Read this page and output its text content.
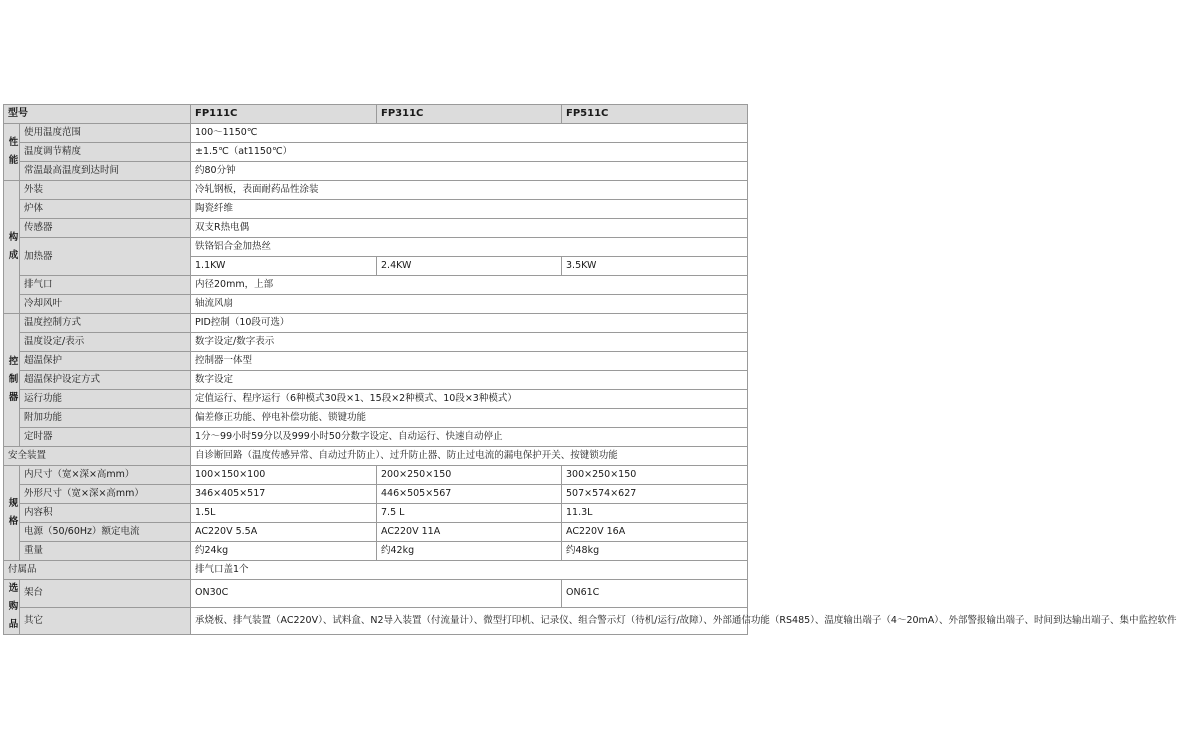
型号		FP111C	FP311C	FP511C

性
能	使用温度范围	100～1150℃		
	温度调节精度	±1.5℃（at1150℃）		
	常温最高温度到达时间	约80分钟		

构
成	外装	冷轧钢板，表面耐药品性涂装		
	炉体	陶瓷纤维		
	传感器	双支R热电偶		
	加热器	铁铬铝合金加热丝		
		1.1KW	2.4KW	3.5KW
	排气口	内径20mm，上部		
	冷却风叶	轴流风扇		

控
制
器	温度控制方式	PID控制（10段可选）		
	温度设定/表示	数字设定/数字表示		
	超温保护	控制器一体型		
	超温保护设定方式	数字设定		
	运行功能	定值运行、程序运行（6种模式30段×1、15段×2种模式、10段×3种模式）		
	附加功能	偏差修正功能、停电补偿功能、锁键功能		
	定时器	1分～99小时59分以及999小时50分数字设定、自动运行、快速自动停止		
安全装置		自诊断回路（温度传感异常、自动过升防止）、过升防止器、防止过电流的漏电保护开关、按键锁功能		

规
格	内尺寸（宽×深×高mm）	100×150×100	200×250×150	300×250×150
	外形尺寸（宽×深×高mm）	346×405×517	446×505×567	507×574×627
	内容积	1.5L	7.5 L	11.3L
	电源（50/60Hz）额定电流	AC220V 5.5A	AC220V 11A	AC220V 16A
	重量	约24kg	约42kg	约48kg
付属品		排气口盖1个		

选
购
品	架台	ON30C		ON61C
	其它	承烧板、排气装置（AC220V）、试料盒、N2导入装置（付流量计）、微型打印机、记录仪、组合警示灯（待机/运行/故障）、外部通信功能（RS485）、温度输出端子（4～20mA）、外部警报输出端子、时间到达输出端子、集中监控软件		
